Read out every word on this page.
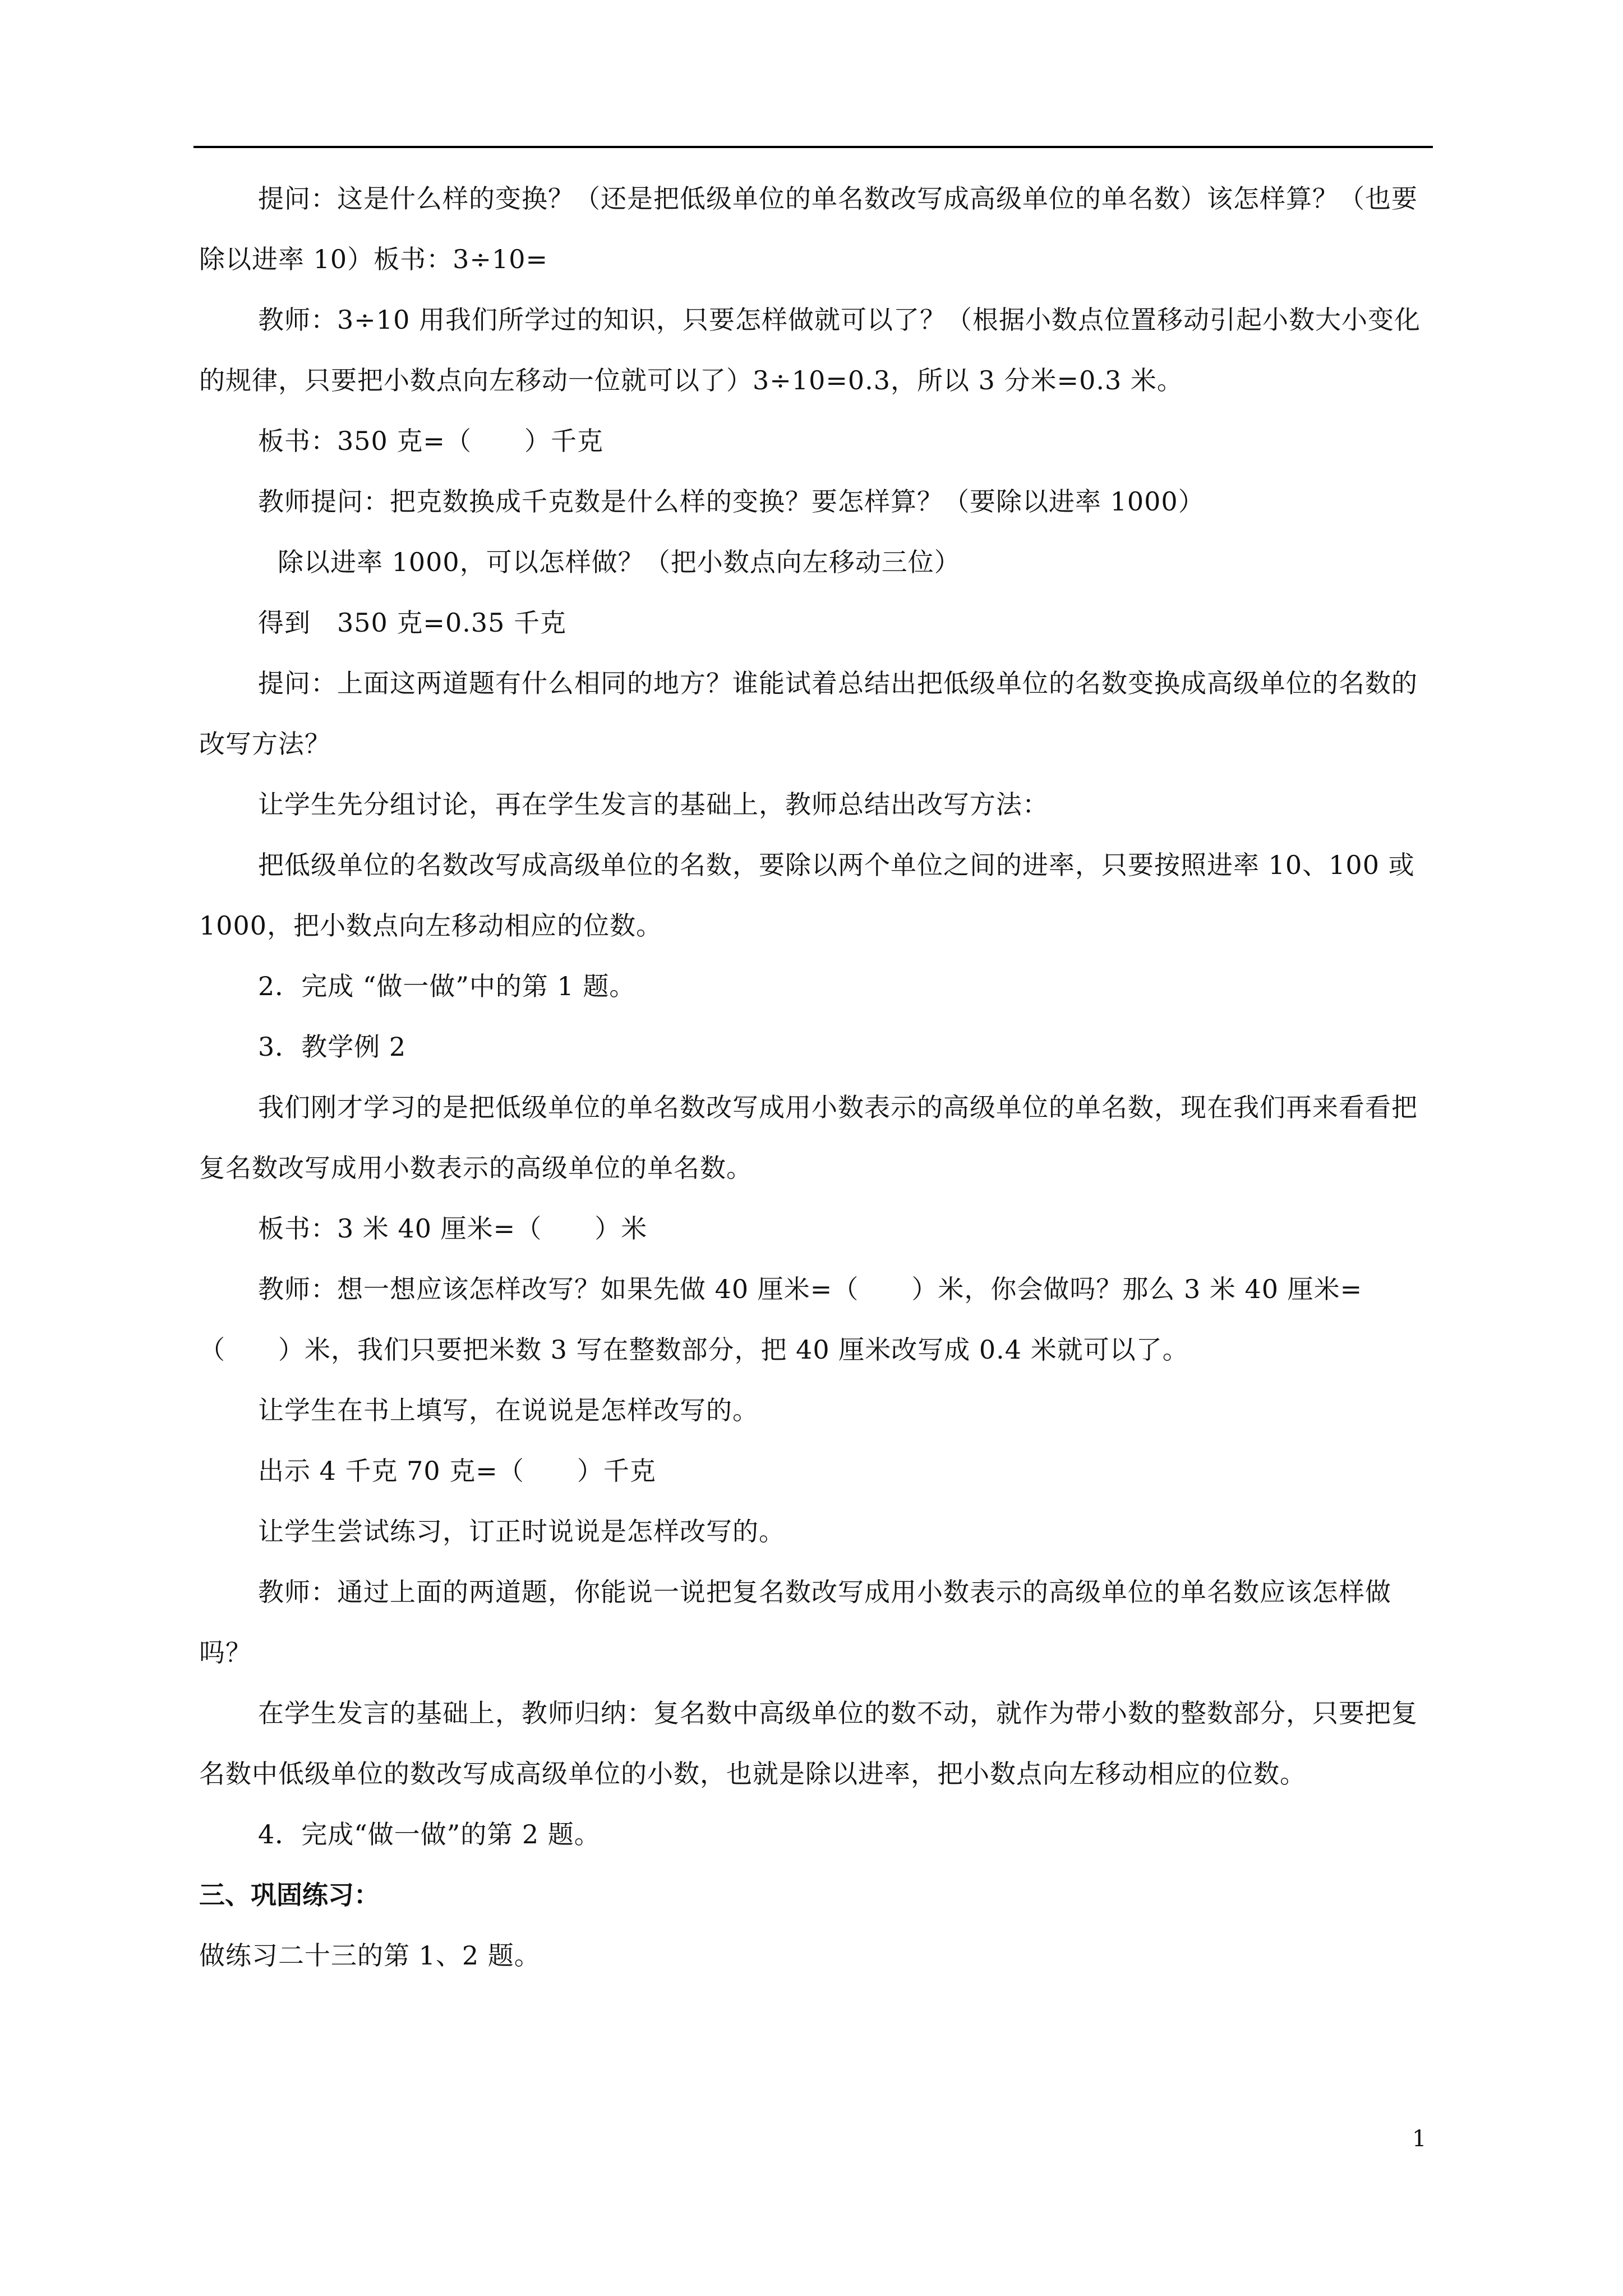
提问：这是什么样的变换？（还是把低级单位的单名数改写成高级单位的单名数）该怎样算？（也要除以进率 10）板书：3÷10=

教师：3÷10 用我们所学过的知识，只要怎样做就可以了？（根据小数点位置移动引起小数大小变化的规律，只要把小数点向左移动一位就可以了）3÷10=0.3，所以 3 分米=0.3 米。

板书：350 克=（　　）千克

教师提问：把克数换成千克数是什么样的变换？要怎样算？（要除以进率 1000）

除以进率 1000，可以怎样做？（把小数点向左移动三位）

得到　350 克=0.35 千克

提问：上面这两道题有什么相同的地方？谁能试着总结出把低级单位的名数变换成高级单位的名数的改写方法？

让学生先分组讨论，再在学生发言的基础上，教师总结出改写方法：

把低级单位的名数改写成高级单位的名数，要除以两个单位之间的进率，只要按照进率 10、100 或 1000，把小数点向左移动相应的位数。

2．完成 “做一做”中的第 1 题。

3．教学例 2

我们刚才学习的是把低级单位的单名数改写成用小数表示的高级单位的单名数，现在我们再来看看把复名数改写成用小数表示的高级单位的单名数。

板书：3 米 40 厘米=（　　）米

教师：想一想应该怎样改写？如果先做 40 厘米=（　　）米，你会做吗？那么 3 米 40 厘米=（　　）米，我们只要把米数 3 写在整数部分，把 40 厘米改写成 0.4 米就可以了。

让学生在书上填写，在说说是怎样改写的。

出示 4 千克 70 克=（　　）千克

让学生尝试练习，订正时说说是怎样改写的。

教师：通过上面的两道题，你能说一说把复名数改写成用小数表示的高级单位的单名数应该怎样做吗？

在学生发言的基础上，教师归纳：复名数中高级单位的数不动，就作为带小数的整数部分，只要把复名数中低级单位的数改写成高级单位的小数，也就是除以进率，把小数点向左移动相应的位数。

4．完成“做一做”的第 2 题。

三、巩固练习：

做练习二十三的第 1、2 题。

1
